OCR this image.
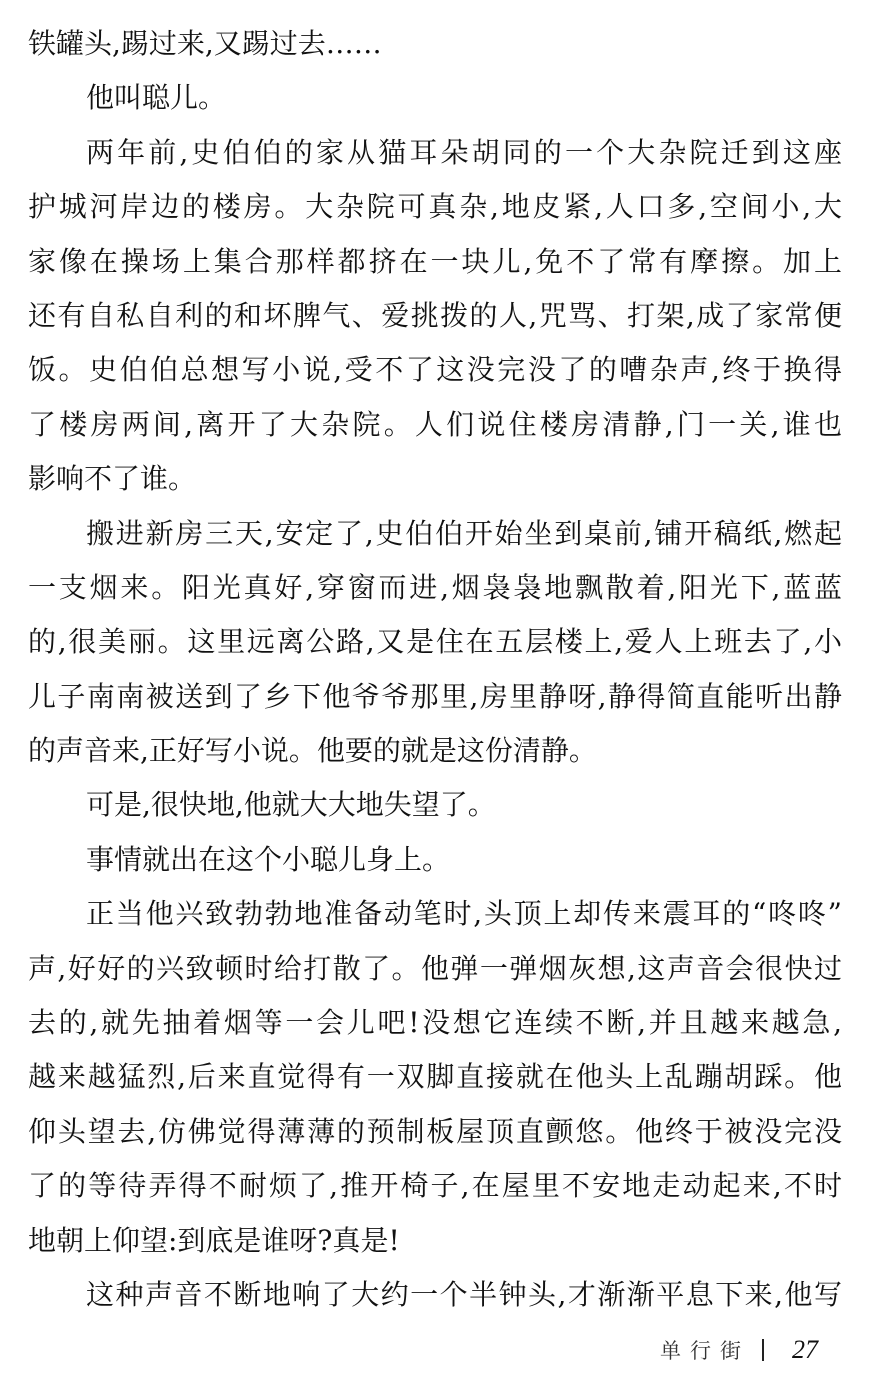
铁罐头,踢过来,又踢过去……
他叫聪儿。
两年前,史伯伯的家从猫耳朵胡同的一个大杂院迁到这座
护城河岸边的楼房。大杂院可真杂,地皮紧,人口多,空间小,大
家像在操场上集合那样都挤在一块儿,免不了常有摩擦。加上
还有自私自利的和坏脾气、爱挑拨的人,咒骂、打架,成了家常便
饭。史伯伯总想写小说,受不了这没完没了的嘈杂声,终于换得
了楼房两间,离开了大杂院。人们说住楼房清静,门一关,谁也
影响不了谁。
搬进新房三天,安定了,史伯伯开始坐到桌前,铺开稿纸,燃起
一支烟来。阳光真好,穿窗而进,烟袅袅地飘散着,阳光下,蓝蓝
的,很美丽。这里远离公路,又是住在五层楼上,爱人上班去了,小
儿子南南被送到了乡下他爷爷那里,房里静呀,静得简直能听出静
的声音来,正好写小说。他要的就是这份清静。
可是,很快地,他就大大地失望了。
事情就出在这个小聪儿身上。
正当他兴致勃勃地准备动笔时,头顶上却传来震耳的“咚咚”
声,好好的兴致顿时给打散了。他弹一弹烟灰想,这声音会很快过
去的,就先抽着烟等一会儿吧!没想它连续不断,并且越来越急,
越来越猛烈,后来直觉得有一双脚直接就在他头上乱蹦胡踩。他
仰头望去,仿佛觉得薄薄的预制板屋顶直颤悠。他终于被没完没
了的等待弄得不耐烦了,推开椅子,在屋里不安地走动起来,不时
地朝上仰望:到底是谁呀?真是!
这种声音不断地响了大约一个半钟头,才渐渐平息下来,他写
单行街 27
